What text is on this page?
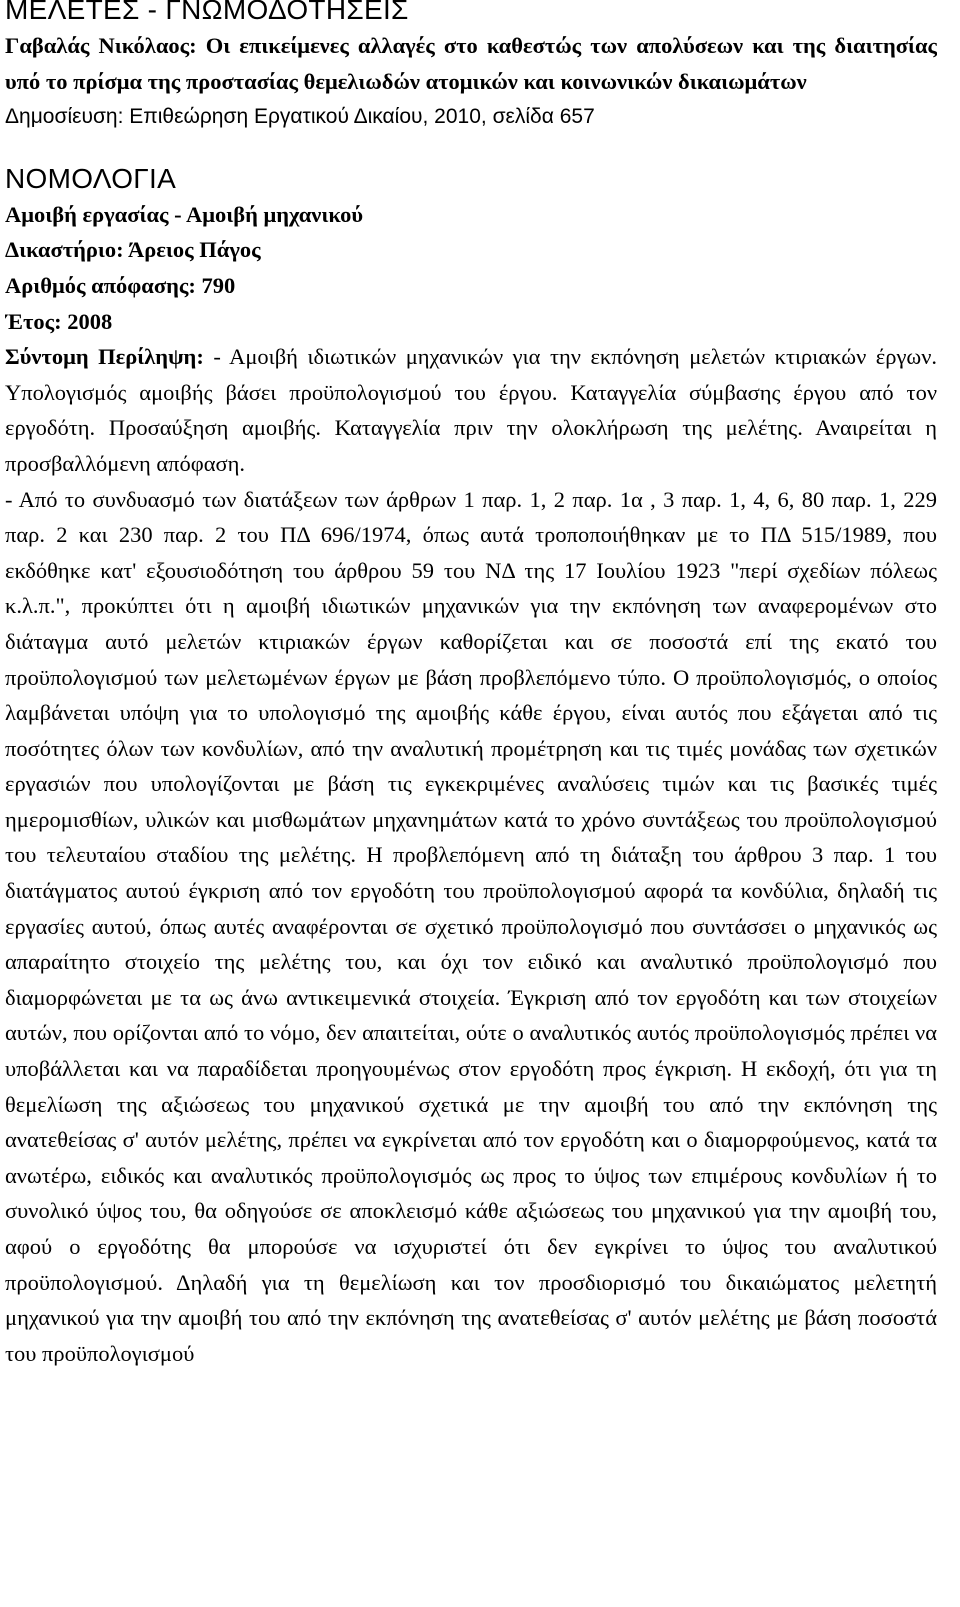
ΜΕΛΕΤΕΣ - ΓΝΩΜΟΔΟΤΗΣΕΙΣ

Γαβαλάς Νικόλαος: Οι επικείμενες αλλαγές στο καθεστώς των απολύσεων και της διαιτησίας υπό το πρίσμα της προστασίας θεμελιωδών ατομικών και κοινωνικών δικαιωμάτων

Δημοσίευση: Επιθεώρηση Εργατικού Δικαίου, 2010, σελίδα 657

ΝΟΜΟΛΟΓΙΑ

Αμοιβή εργασίας - Αμοιβή μηχανικού

Δικαστήριο: Άρειος Πάγος

Αριθμός απόφασης: 790

Έτος: 2008

Σύντομη Περίληψη: - Αμοιβή ιδιωτικών μηχανικών για την εκπόνηση μελετών κτιριακών έργων. Υπολογισμός αμοιβής βάσει προϋπολογισμού του έργου. Καταγγελία σύμβασης έργου από τον εργοδότη. Προσαύξηση αμοιβής. Καταγγελία πριν την ολοκλήρωση της μελέτης. Αναιρείται η προσβαλλόμενη απόφαση.

- Από το συνδυασμό των διατάξεων των άρθρων 1 παρ. 1, 2 παρ. 1α , 3 παρ. 1, 4, 6, 80 παρ. 1, 229 παρ. 2 και 230 παρ. 2 του ΠΔ 696/1974, όπως αυτά τροποποιήθηκαν με το ΠΔ 515/1989, που εκδόθηκε κατ' εξουσιοδότηση του άρθρου 59 του ΝΔ της 17 Ιουλίου 1923 "περί σχεδίων πόλεως κ.λ.π.", προκύπτει ότι η αμοιβή ιδιωτικών μηχανικών για την εκπόνηση των αναφερομένων στο διάταγμα αυτό μελετών κτιριακών έργων καθορίζεται και σε ποσοστά επί της εκατό του προϋπολογισμού των μελετωμένων έργων με βάση προβλεπόμενο τύπο. Ο προϋπολογισμός, ο οποίος λαμβάνεται υπόψη για το υπολογισμό της αμοιβής κάθε έργου, είναι αυτός που εξάγεται από τις ποσότητες όλων των κονδυλίων, από την αναλυτική προμέτρηση και τις τιμές μονάδας των σχετικών εργασιών που υπολογίζονται με βάση τις εγκεκριμένες αναλύσεις τιμών και τις βασικές τιμές ημερομισθίων, υλικών και μισθωμάτων μηχανημάτων κατά το χρόνο συντάξεως του προϋπολογισμού του τελευταίου σταδίου της μελέτης. Η προβλεπόμενη από τη διάταξη του άρθρου 3 παρ. 1 του διατάγματος αυτού έγκριση από τον εργοδότη του προϋπολογισμού αφορά τα κονδύλια, δηλαδή τις εργασίες αυτού, όπως αυτές αναφέρονται σε σχετικό προϋπολογισμό που συντάσσει ο μηχανικός ως απαραίτητο στοιχείο της μελέτης του, και όχι τον ειδικό και αναλυτικό προϋπολογισμό που διαμορφώνεται με τα ως άνω αντικειμενικά στοιχεία. Έγκριση από τον εργοδότη και των στοιχείων αυτών, που ορίζονται από το νόμο, δεν απαιτείται, ούτε ο αναλυτικός αυτός προϋπολογισμός πρέπει να υποβάλλεται και να παραδίδεται προηγουμένως στον εργοδότη προς έγκριση. Η εκδοχή, ότι για τη θεμελίωση της αξιώσεως του μηχανικού σχετικά με την αμοιβή του από την εκπόνηση της ανατεθείσας σ' αυτόν μελέτης, πρέπει να εγκρίνεται από τον εργοδότη και ο διαμορφούμενος, κατά τα ανωτέρω, ειδικός και αναλυτικός προϋπολογισμός ως προς το ύψος των επιμέρους κονδυλίων ή το συνολικό ύψος του, θα οδηγούσε σε αποκλεισμό κάθε αξιώσεως του μηχανικού για την αμοιβή του, αφού ο εργοδότης θα μπορούσε να ισχυριστεί ότι δεν εγκρίνει το ύψος του αναλυτικού προϋπολογισμού. Δηλαδή για τη θεμελίωση και τον προσδιορισμό του δικαιώματος μελετητή μηχανικού για την αμοιβή του από την εκπόνηση της ανατεθείσας σ' αυτόν μελέτης με βάση ποσοστά του προϋπολογισμού
